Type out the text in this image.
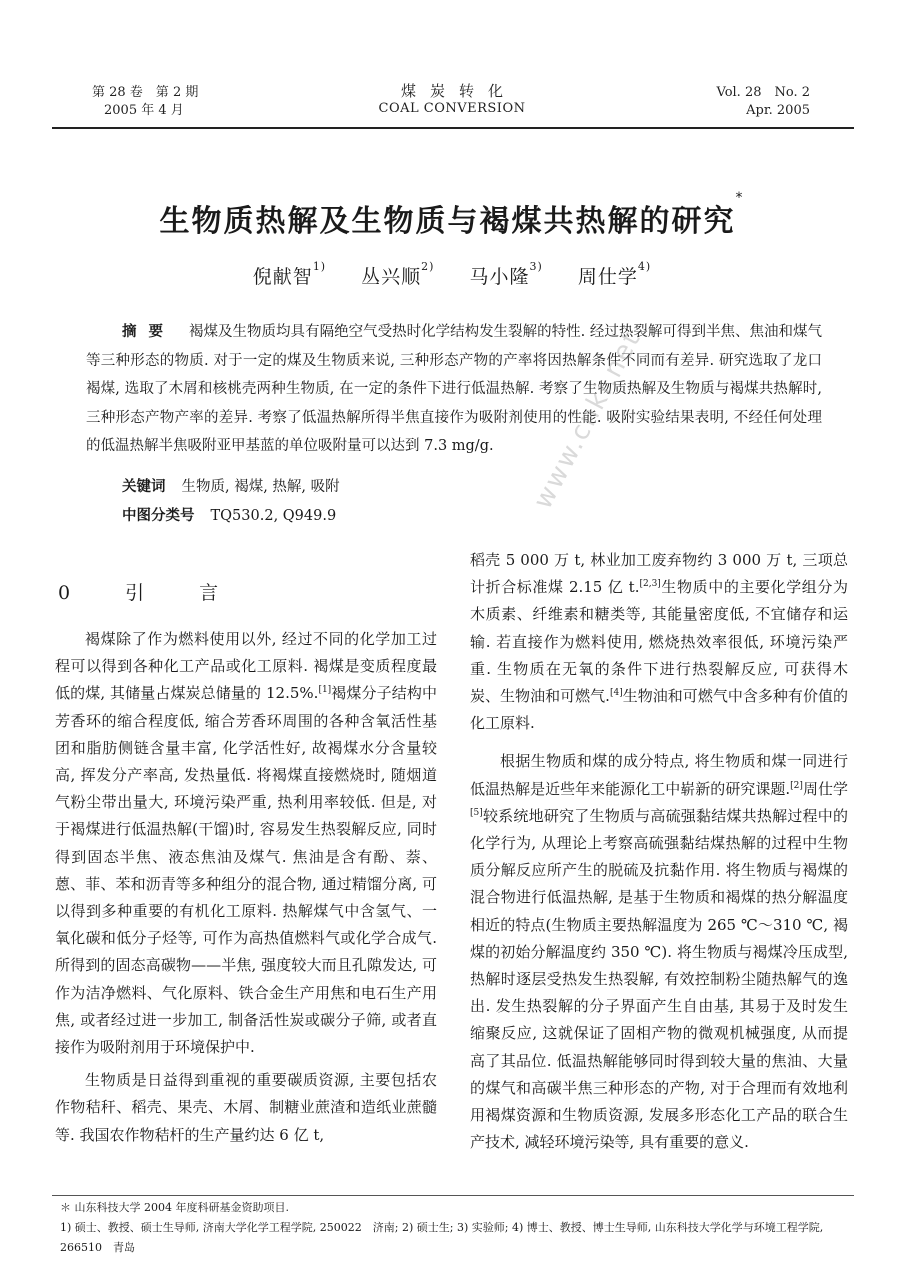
第 28 卷　第 2 期
2005 年 4 月
煤炭转化
COAL CONVERSION
Vol. 28　No. 2
Apr. 2005
生物质热解及生物质与褐煤共热解的研究*
倪献智$^{1)}$ 丛兴顺$^{2)}$ 马小隆$^{3)}$ 周仕学$^{4)}$
摘要 褐煤及生物质均具有隔绝空气受热时化学结构发生裂解的特性. 经过热裂解可得到半焦、焦油和煤气等三种形态的物质. 对于一定的煤及生物质来说, 三种形态产物的产率将因热解条件不同而有差异. 研究选取了龙口褐煤, 选取了木屑和核桃壳两种生物质, 在一定的条件下进行低温热解. 考察了生物质热解及生物质与褐煤共热解时, 三种形态产物产率的差异. 考察了低温热解所得半焦直接作为吸附剂使用的性能. 吸附实验结果表明, 不经任何处理的低温热解半焦吸附亚甲基蓝的单位吸附量可以达到 7.3 mg/g.
关键词 生物质, 褐煤, 热解, 吸附
中图分类号 TQ530.2, Q949.9
0　引　言

褐煤除了作为燃料使用以外, 经过不同的化学加工过程可以得到各种化工产品或化工原料. 褐煤是变质程度最低的煤, 其储量占煤炭总储量的 12.5%.[1]褐煤分子结构中芳香环的缩合程度低, 缩合芳香环周围的各种含氧活性基团和脂肪侧链含量丰富, 化学活性好, 故褐煤水分含量较高, 挥发分产率高, 发热量低. 将褐煤直接燃烧时, 随烟道气粉尘带出量大, 环境污染严重, 热利用率较低. 但是, 对于褐煤进行低温热解(干馏)时, 容易发生热裂解反应, 同时得到固态半焦、液态焦油及煤气. 焦油是含有酚、萘、蒽、菲、苯和沥青等多种组分的混合物, 通过精馏分离, 可以得到多种重要的有机化工原料. 热解煤气中含氢气、一氧化碳和低分子烃等, 可作为高热值燃料气或化学合成气. 所得到的固态高碳物——半焦, 强度较大而且孔隙发达, 可作为洁净燃料、气化原料、铁合金生产用焦和电石生产用焦, 或者经过进一步加工, 制备活性炭或碳分子筛, 或者直接作为吸附剂用于环境保护中.

生物质是日益得到重视的重要碳质资源, 主要包括农作物秸秆、稻壳、果壳、木屑、制糖业蔗渣和造纸业蔗髓等. 我国农作物秸杆的生产量约达 6 亿 t,

稻壳 5 000 万 t, 林业加工废弃物约 3 000 万 t, 三项总计折合标准煤 2.15 亿 t.[2,3]生物质中的主要化学组分为木质素、纤维素和糖类等, 其能量密度低, 不宜储存和运输. 若直接作为燃料使用, 燃烧热效率很低, 环境污染严重. 生物质在无氧的条件下进行热裂解反应, 可获得木炭、生物油和可燃气.[4]生物油和可燃气中含多种有价值的化工原料.

根据生物质和煤的成分特点, 将生物质和煤一同进行低温热解是近些年来能源化工中崭新的研究课题.[2]周仕学[5]较系统地研究了生物质与高硫强黏结煤共热解过程中的化学行为, 从理论上考察高硫强黏结煤热解的过程中生物质分解反应所产生的脱硫及抗黏作用. 将生物质与褐煤的混合物进行低温热解, 是基于生物质和褐煤的热分解温度相近的特点(生物质主要热解温度为 265 ℃～310 ℃, 褐煤的初始分解温度约 350 ℃). 将生物质与褐煤冷压成型, 热解时逐层受热发生热裂解, 有效控制粉尘随热解气的逸出. 发生热裂解的分子界面产生自由基, 其易于及时发生缩聚反应, 这就保证了固相产物的微观机械强度, 从而提高了其品位. 低温热解能够同时得到较大量的焦油、大量的煤气和高碳半焦三种形态的产物, 对于合理而有效地利用褐煤资源和生物质资源, 发展多形态化工产品的联合生产技术, 减轻环境污染等, 具有重要的意义.

www.cnki.net
＊ 山东科技大学 2004 年度科研基金资助项目.
1) 硕士、教授、硕士生导师, 济南大学化学工程学院, 250022　济南; 2) 硕士生; 3) 实验师; 4) 博士、教授、博士生导师, 山东科技大学化学与环境工程学院, 266510　青岛
